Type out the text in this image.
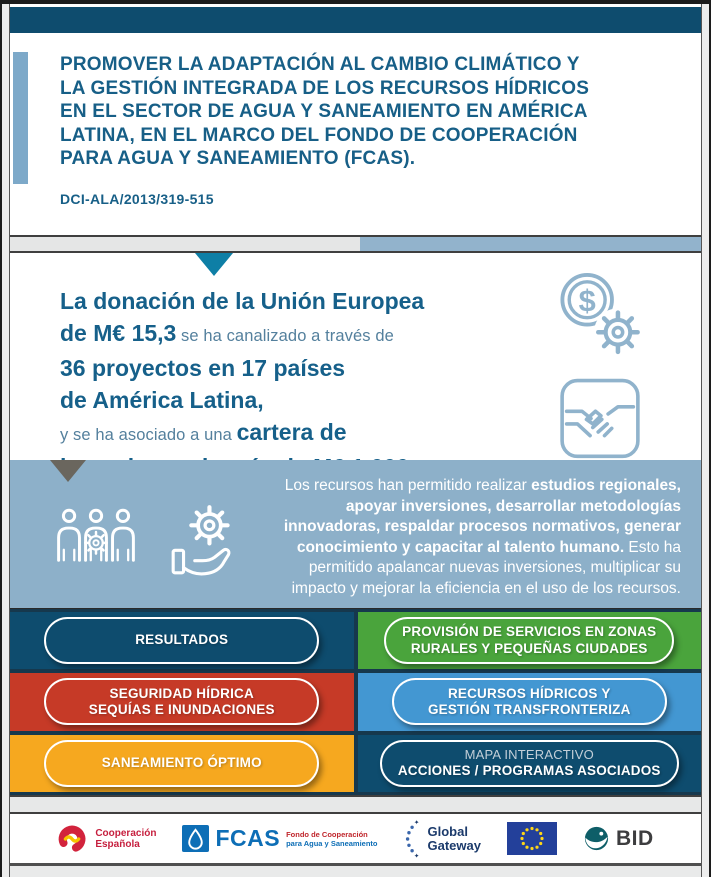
PROMOVER LA ADAPTACIÓN AL CAMBIO CLIMÁTICO Y
LA GESTIÓN INTEGRADA DE LOS RECURSOS HÍDRICOS
EN EL SECTOR DE AGUA Y SANEAMIENTO EN AMÉRICA
LATINA, EN EL MARCO DEL FONDO DE COOPERACIÓN
PARA AGUA Y SANEAMIENTO (FCAS).
DCI-ALA/2013/319-515
La donación de la Unión Europea
de M€ 15,3 se ha canalizado a través de
36 proyectos en 17 países
de América Latina,
y se ha asociado a una cartera de
$
Los recursos han permitido realizar estudios regionales, apoyar inversiones, desarrollar metodologías innovadoras, respaldar procesos normativos, generar conocimiento y capacitar al talento humano. Esto ha permitido apalancar nuevas inversiones, multiplicar su impacto y mejorar la eficiencia en el uso de los recursos.
RESULTADOS
PROVISIÓN DE SERVICIOS EN ZONAS
RURALES Y PEQUEÑAS CIUDADES
SEGURIDAD HÍDRICA
SEQUÍAS E INUNDACIONES
RECURSOS HÍDRICOS Y
GESTIÓN TRANSFRONTERIZA
SANEAMIENTO ÓPTIMO
MAPA INTERACTIVO
ACCIONES / PROGRAMAS ASOCIADOS
Cooperación
Española	FCAS Fondo de Cooperación
para Agua y Saneamiento
✦
✦
Global
Gateway	BID
